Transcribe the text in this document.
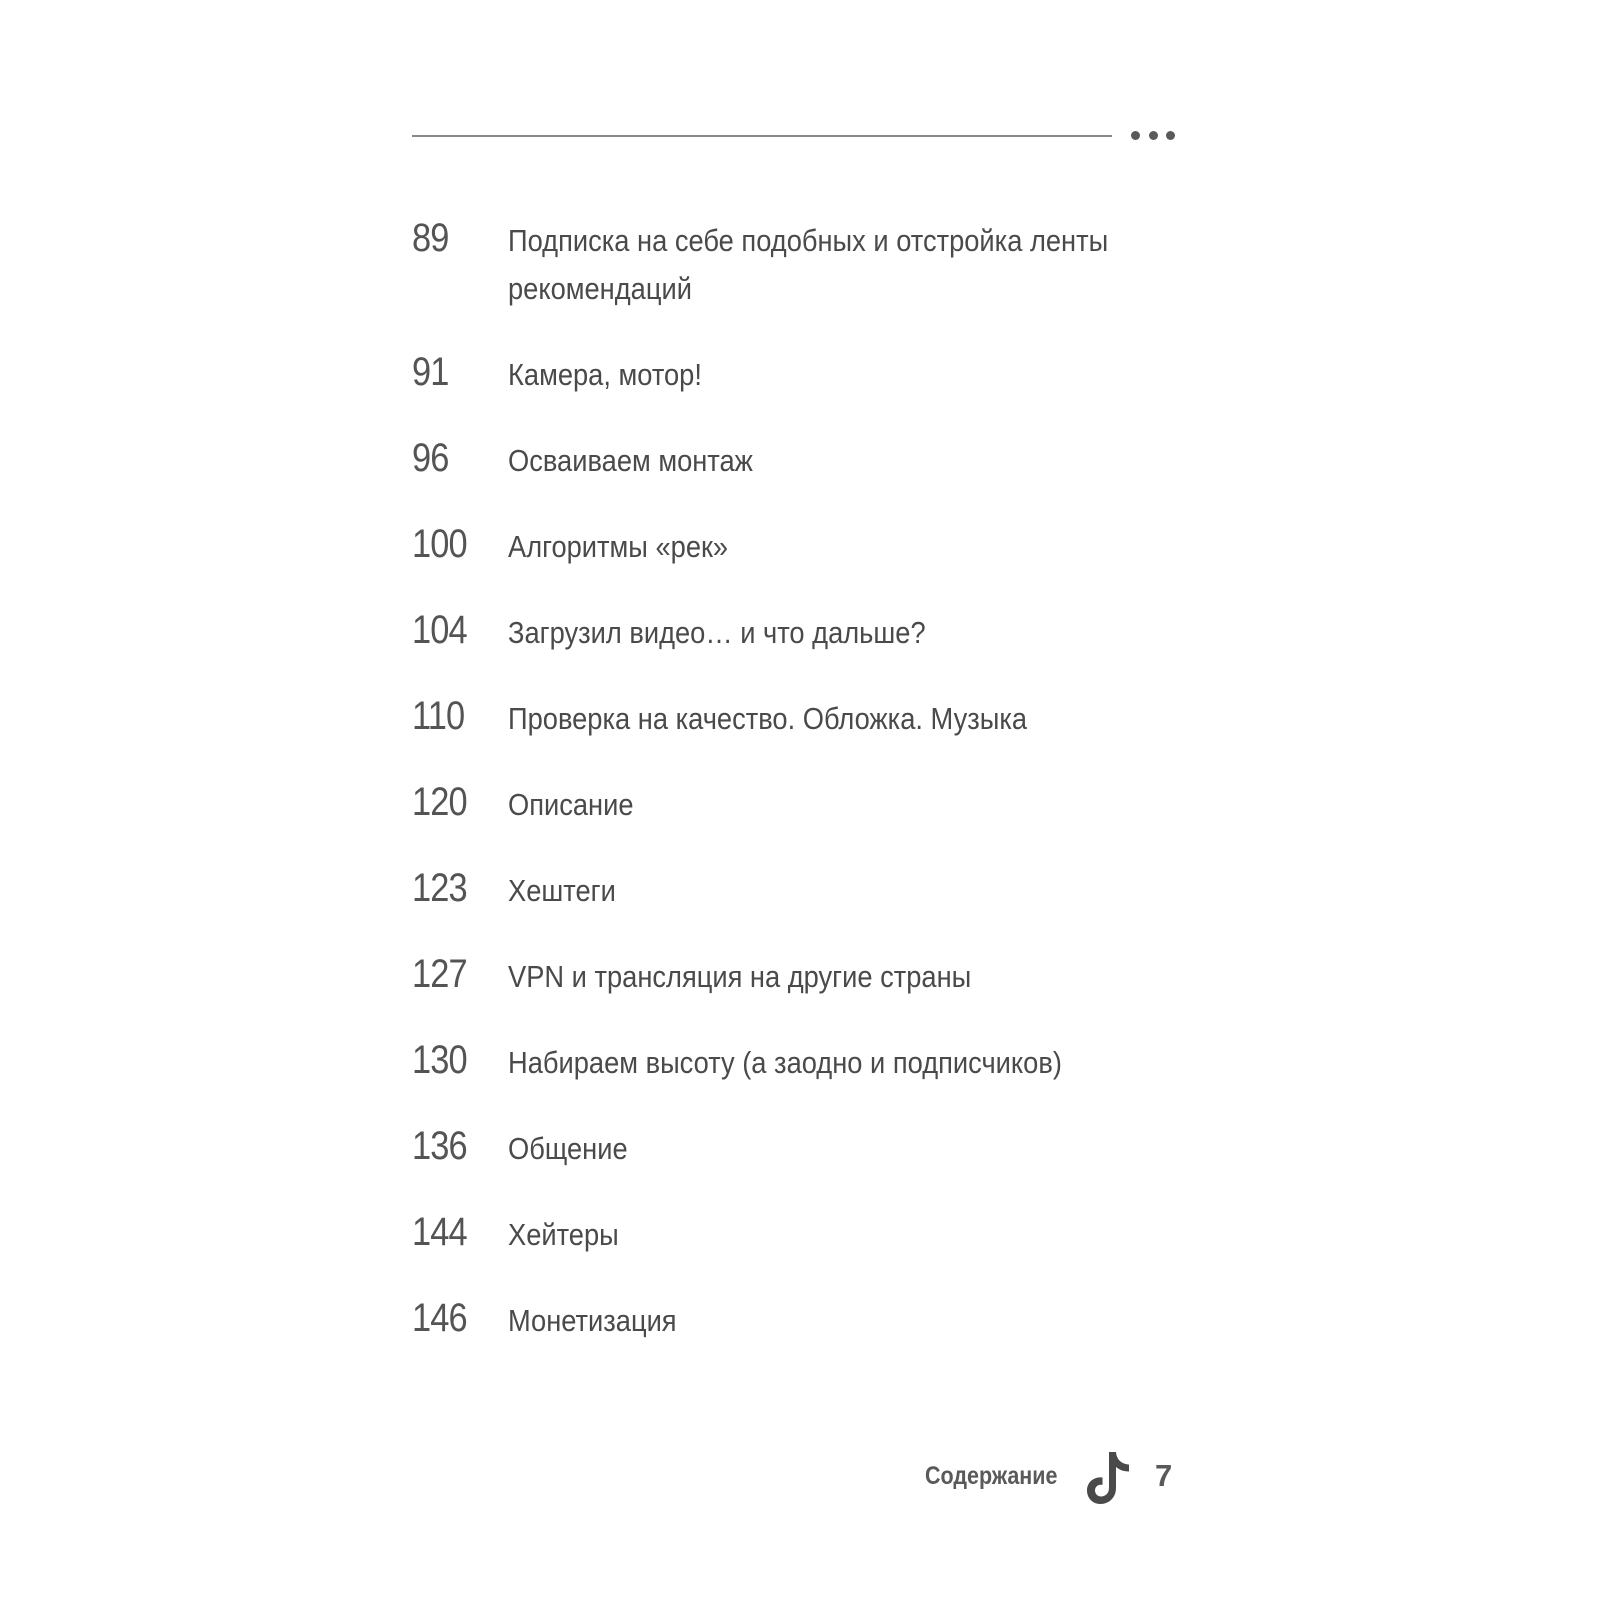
89	Подписка на себе подобных и отстройка ленты
рекомендаций
91	Камера, мотор!
96	Осваиваем монтаж
100	Алгоритмы «рек»
104	Загрузил видео… и что дальше?
110	Проверка на качество. Обложка. Музыка
120	Описание
123	Хештеги
127	VPN и трансляция на другие страны
130	Набираем высоту (а заодно и подписчиков)
136	Общение
144	Хейтеры
146	Монетизация
Содержание	7
